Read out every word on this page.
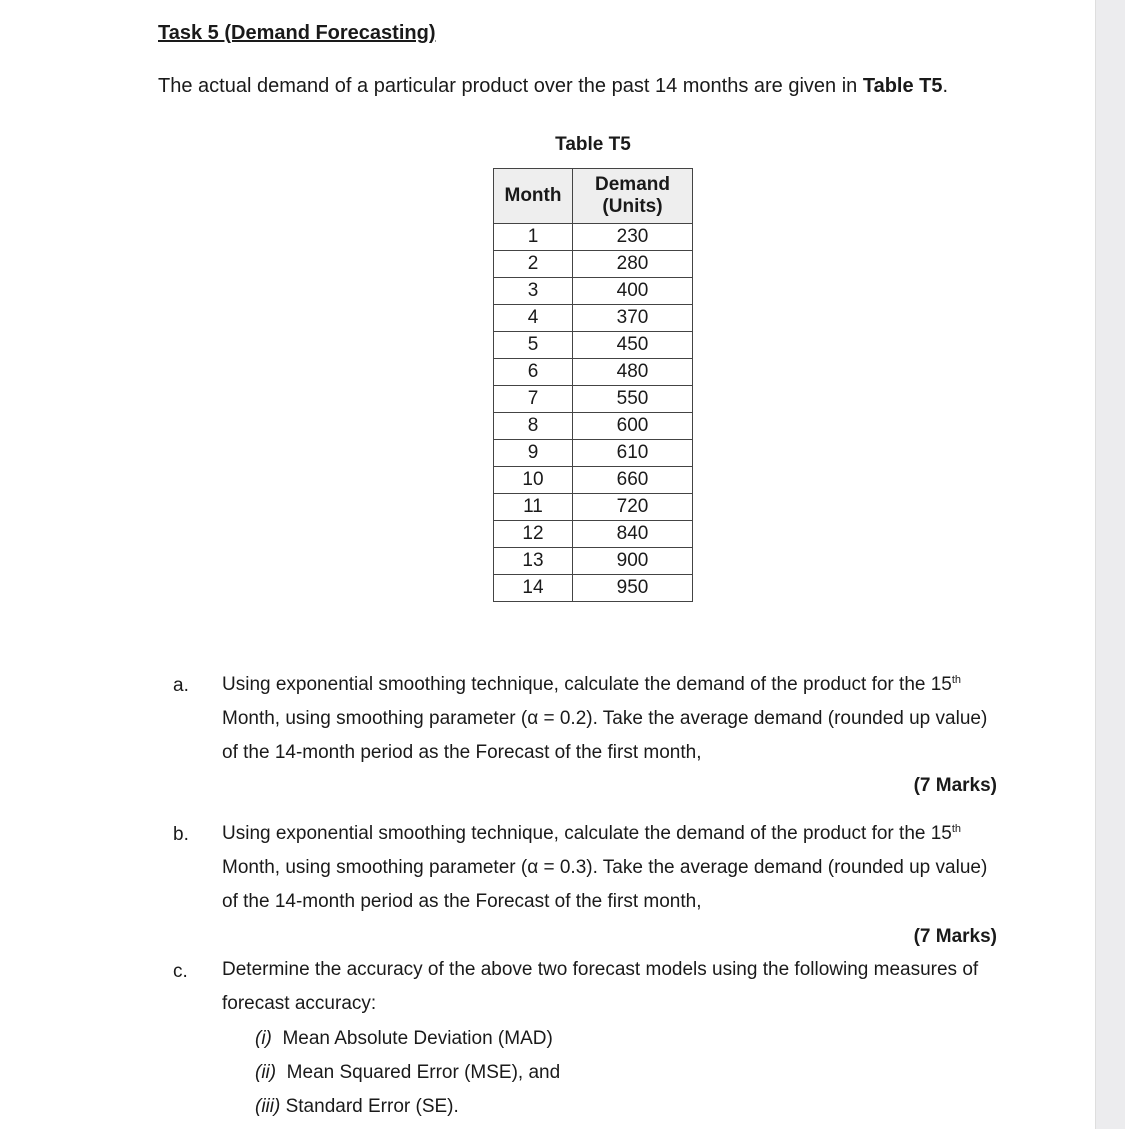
Task 5 (Demand Forecasting)
The actual demand of a particular product over the past 14 months are given in Table T5.
Table T5
Month	Demand
(Units)
1	230
2	280
3	400
4	370
5	450
6	480
7	550
8	600
9	610
10	660
11	720
12	840
13	900
14	950
a. Using exponential smoothing technique, calculate the demand of the product for the 15th
Month, using smoothing parameter (α = 0.2). Take the average demand (rounded up value)
of the 14-month period as the Forecast of the first month,
(7 Marks)
b. Using exponential smoothing technique, calculate the demand of the product for the 15th
Month, using smoothing parameter (α = 0.3). Take the average demand (rounded up value)
of the 14-month period as the Forecast of the first month,
(7 Marks)
c. Determine the accuracy of the above two forecast models using the following measures of
forecast accuracy:
(i) Mean Absolute Deviation (MAD)
(ii) Mean Squared Error (MSE), and
(iii) Standard Error (SE).
